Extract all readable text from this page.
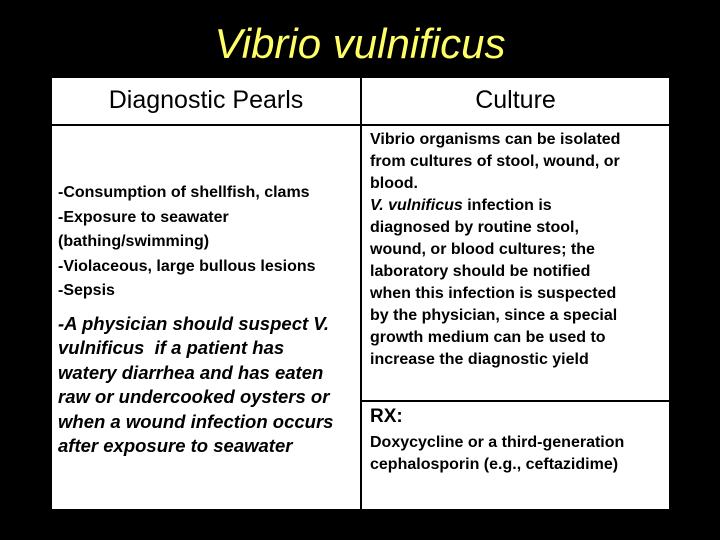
Vibrio vulnificus
Diagnostic Pearls	Culture
-Consumption of shellfish, clams
-Exposure to seawater
(bathing/swimming)
-Violaceous, large bullous lesions
-Sepsis
-A physician should suspect V.
vulnificus  if a patient has
watery diarrhea and has eaten
raw or undercooked oysters or
when a wound infection occurs
after exposure to seawater
Vibrio organisms can be isolated
from cultures of stool, wound, or
blood.
V. vulnificus infection is
diagnosed by routine stool,
wound, or blood cultures; the
laboratory should be notified
when this infection is suspected
by the physician, since a special
growth medium can be used to
increase the diagnostic yield
RX:
Doxycycline or a third-generation
cephalosporin (e.g., ceftazidime)
